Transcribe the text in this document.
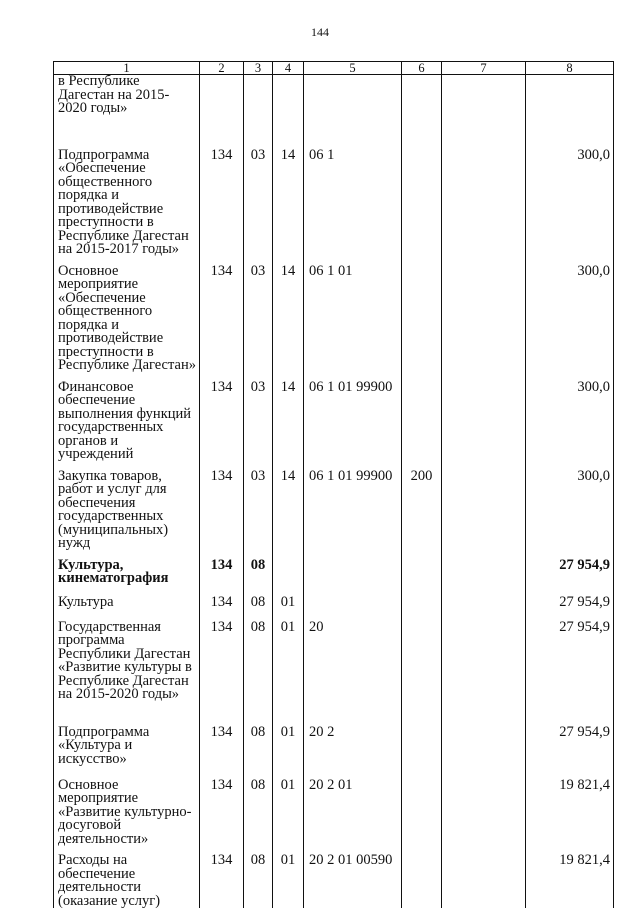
144
1	2	3	4	5	6	7	8
в Республике Дагестан на 2015-2020 годы»							
Подпрограмма «Обеспечение общественного порядка и противодействие преступности в Республике Дагестан на 2015-2017 годы»	134	03	14	06 1			300,0
Основное мероприятие «Обеспечение общественного порядка и противодействие преступности в Республике Дагестан»	134	03	14	06 1 01			300,0
Финансовое обеспечение выполнения функций государственных органов и учреждений	134	03	14	06 1 01 99900			300,0
Закупка товаров, работ и услуг для обеспечения государственных (муниципальных) нужд	134	03	14	06 1 01 99900	200		300,0
Культура, кинематография	134	08					27 954,9
Культура	134	08	01				27 954,9
Государственная программа Республики Дагестан «Развитие культуры в Республике Дагестан на 2015-2020 годы»	134	08	01	20			27 954,9
Подпрограмма «Культура и искусство»	134	08	01	20 2			27 954,9
Основное мероприятие «Развитие культурно-досуговой деятельности»	134	08	01	20 2 01			19 821,4
Расходы на обеспечение деятельности (оказание услуг)	134	08	01	20 2 01 00590			19 821,4
